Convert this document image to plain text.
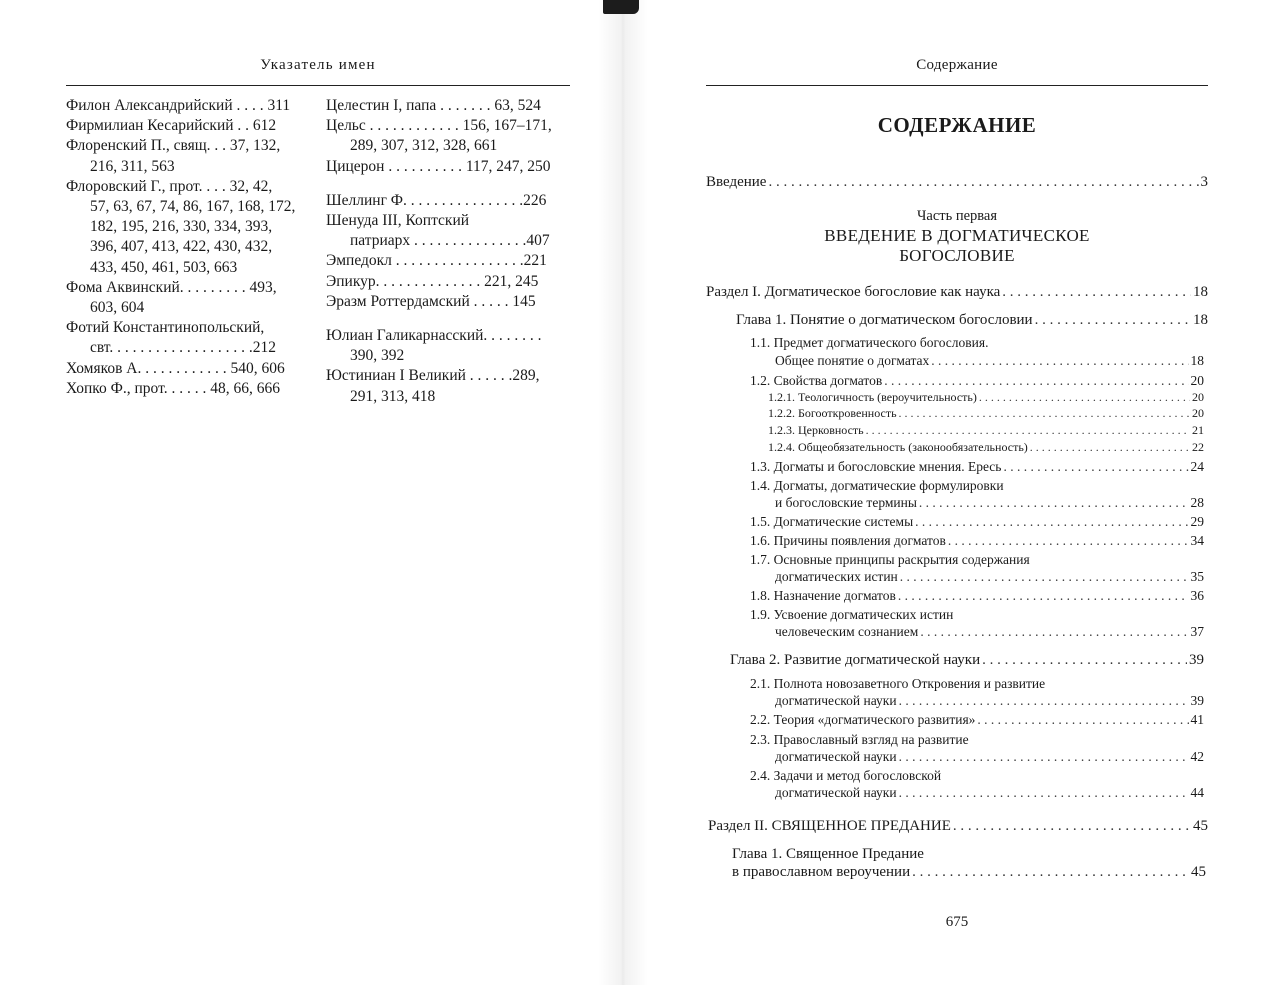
Указатель имен
Филон Александрийский . . . . 311
Фирмилиан Кесарийский . . 612
Флоренский П., свящ. . . 37, 132,
216, 311, 563
Флоровский Г., прот. . . . 32, 42,
57, 63, 67, 74, 86, 167, 168, 172,
182, 195, 216, 330, 334, 393,
396, 407, 413, 422, 430, 432,
433, 450, 461, 503, 663
Фома Аквинский. . . . . . . . . 493,
603, 604
Фотий Константинопольский,
свт. . . . . . . . . . . . . . . . . . .212
Хомяков А. . . . . . . . . . . . 540, 606
Хопко Ф., прот. . . . . . 48, 66, 666
Целестин I, папа . . . . . . . 63, 524
Цельс . . . . . . . . . . . . 156, 167–171,
289, 307, 312, 328, 661
Цицерон . . . . . . . . . . 117, 247, 250
Шеллинг Ф. . . . . . . . . . . . . . . .226
Шенуда III, Коптский
патриарх . . . . . . . . . . . . . . .407
Эмпедокл . . . . . . . . . . . . . . . . .221
Эпикур. . . . . . . . . . . . . . 221, 245
Эразм Роттердамский . . . . . 145
Юлиан Галикарнасский. . . . . . . .
390, 392
Юстиниан I Великий . . . . . .289,
291, 313, 418
Содержание
СОДЕРЖАНИЕ
Введение . . .	3
Часть первая
ВВЕДЕНИЕ В ДОГМАТИЧЕСКОЕ
БОГОСЛОВИЕ
Раздел I. Догматическое богословие как наука . . .	18
Глава 1. Понятие о догматическом богословии . . .	18
1.1. Предмет догматического богословия.
Общее понятие о догматах . . .	18
1.2. Свойства догматов . . .	20
1.2.1. Теологичность (вероучительность) . . .	20
1.2.2. Богооткровенность . . .	20
1.2.3. Церковность . . .	21
1.2.4. Общеобязательность (законообязательность) . . .	22
1.3. Догматы и богословские мнения. Ересь . . .	24
1.4. Догматы, догматические формулировки
и богословские термины . . .	28
1.5. Догматические системы . . .	29
1.6. Причины появления догматов . . .	34
1.7. Основные принципы раскрытия содержания
догматических истин . . .	35
1.8. Назначение догматов . . .	36
1.9. Усвоение догматических истин
человеческим сознанием . . .	37
Глава 2. Развитие догматической науки . . .	39
2.1. Полнота новозаветного Откровения и развитие
догматической науки . . .	39
2.2. Теория «догматического развития» . . .	41
2.3. Православный взгляд на развитие
догматической науки . . .	42
2.4. Задачи и метод богословской
догматической науки . . .	44
Раздел II. СВЯЩЕННОЕ ПРЕДАНИЕ . . .	45
Глава 1. Священное Предание
в православном вероучении . . .	45
675
